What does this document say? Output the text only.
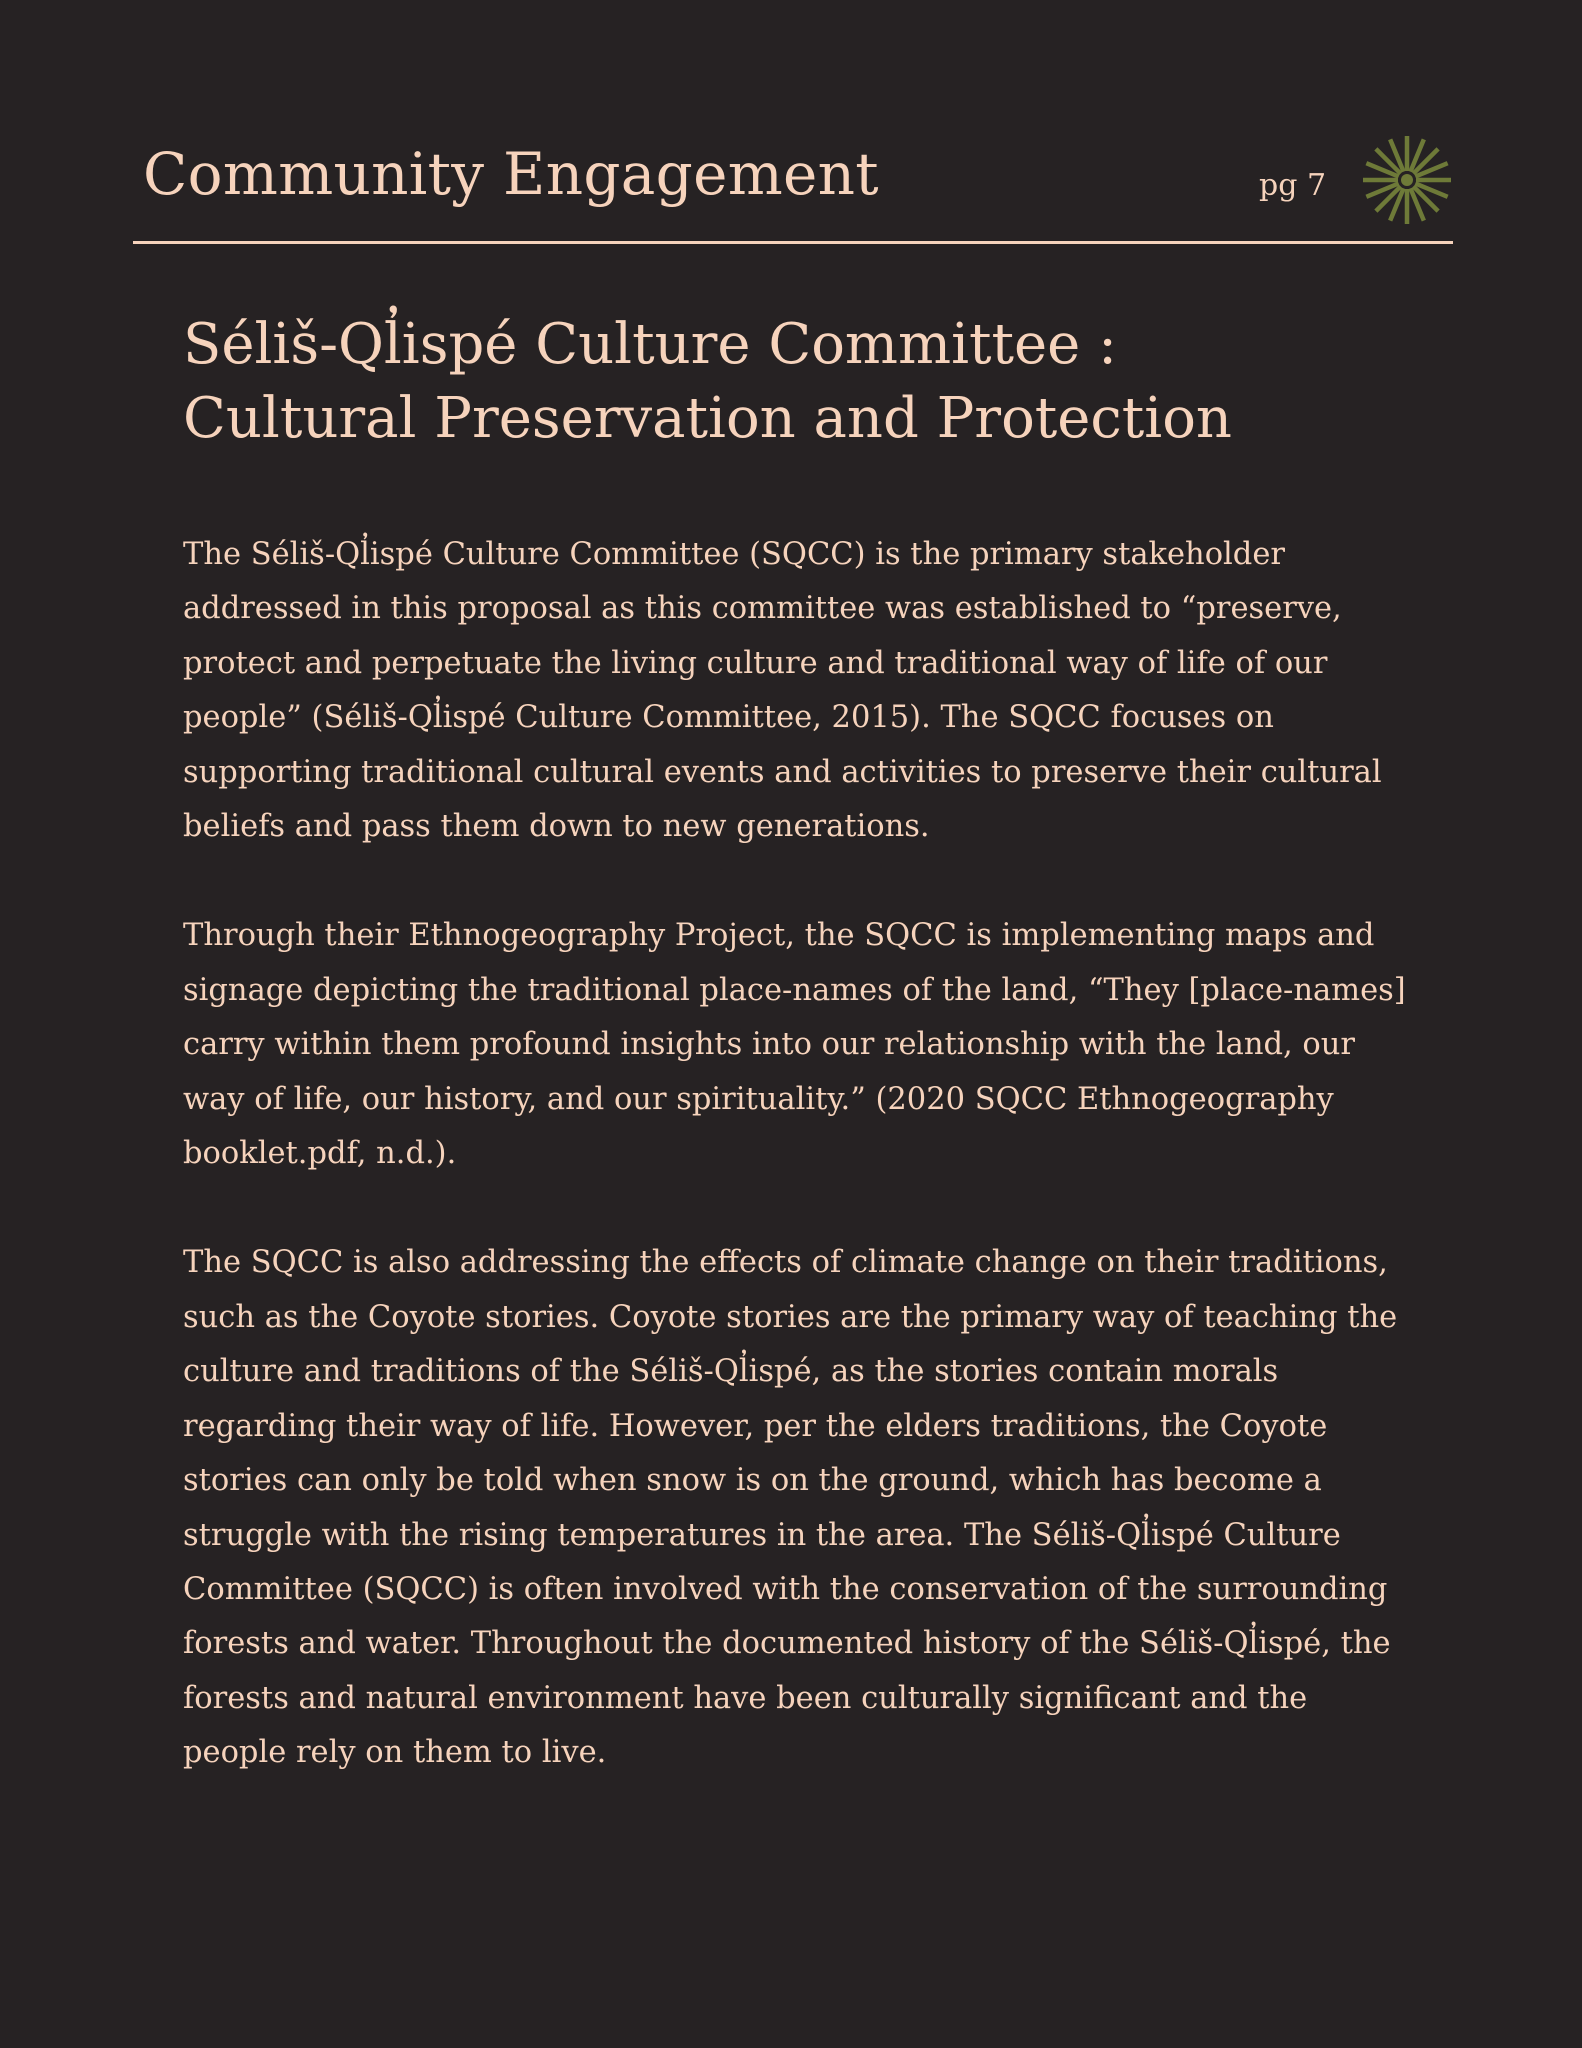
Community Engagement	pg 7
Séliš-Ql̓ispé Culture Committee :
Cultural Preservation and Protection

The Séliš-Ql̓ispé Culture Committee (SQCC) is the primary stakeholder addressed in this proposal as this committee was established to “preserve, protect and perpetuate the living culture and traditional way of life of our people” (Séliš-Ql̓ispé Culture Committee, 2015). The SQCC focuses on supporting traditional cultural events and activities to preserve their cultural beliefs and pass them down to new generations.

Through their Ethnogeography Project, the SQCC is implementing maps and signage depicting the traditional place-names of the land, “They [place-names] carry within them profound insights into our relationship with the land, our way of life, our history, and our spirituality.” (2020 SQCC Ethnogeography booklet.pdf, n.d.).

The SQCC is also addressing the effects of climate change on their traditions, such as the Coyote stories. Coyote stories are the primary way of teaching the culture and traditions of the Séliš-Ql̓ispé, as the stories contain morals regarding their way of life. However, per the elders traditions, the Coyote stories can only be told when snow is on the ground, which has become a struggle with the rising temperatures in the area. The Séliš-Ql̓ispé Culture Committee (SQCC) is often involved with the conservation of the surrounding forests and water. Throughout the documented history of the Séliš-Ql̓ispé, the forests and natural environment have been culturally significant and the people rely on them to live.
